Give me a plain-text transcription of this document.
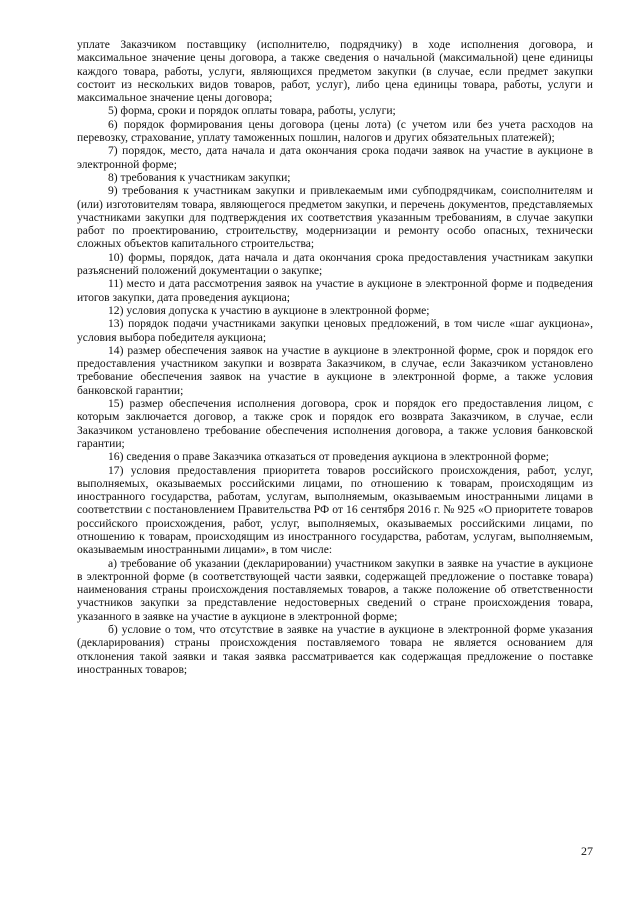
уплате Заказчиком поставщику (исполнителю, подрядчику) в ходе исполнения договора, и максимальное значение цены договора, а также сведения о начальной (максимальной) цене единицы каждого товара, работы, услуги, являющихся предметом закупки (в случае, если предмет закупки состоит из нескольких видов товаров, работ, услуг), либо цена единицы товара, работы, услуги и максимальное значение цены договора;

5) форма, сроки и порядок оплаты товара, работы, услуги;

6) порядок формирования цены договора (цены лота) (с учетом или без учета расходов на перевозку, страхование, уплату таможенных пошлин, налогов и других обязательных платежей);

7) порядок, место, дата начала и дата окончания срока подачи заявок на участие в аукционе в электронной форме;

8) требования к участникам закупки;

9) требования к участникам закупки и привлекаемым ими субподрядчикам, соисполнителям и (или) изготовителям товара, являющегося предметом закупки, и перечень документов, представляемых участниками закупки для подтверждения их соответствия указанным требованиям, в случае закупки работ по проектированию, строительству, модернизации и ремонту особо опасных, технически сложных объектов капитального строительства;

10) формы, порядок, дата начала и дата окончания срока предоставления участникам закупки разъяснений положений документации о закупке;

11) место и дата рассмотрения заявок на участие в аукционе в электронной форме и подведения итогов закупки, дата проведения аукциона;

12) условия допуска к участию в аукционе в электронной форме;

13) порядок подачи участниками закупки ценовых предложений, в том числе «шаг аукциона», условия выбора победителя аукциона;

14) размер обеспечения заявок на участие в аукционе в электронной форме, срок и порядок его предоставления участником закупки и возврата Заказчиком, в случае, если Заказчиком установлено требование обеспечения заявок на участие в аукционе в электронной форме, а также условия банковской гарантии;

15) размер обеспечения исполнения договора, срок и порядок его предоставления лицом, с которым заключается договор, а также срок и порядок его возврата Заказчиком, в случае, если Заказчиком установлено требование обеспечения исполнения договора, а также условия банковской гарантии;

16) сведения о праве Заказчика отказаться от проведения аукциона в электронной форме;

17) условия предоставления приоритета товаров российского происхождения, работ, услуг, выполняемых, оказываемых российскими лицами, по отношению к товарам, происходящим из иностранного государства, работам, услугам, выполняемым, оказываемым иностранными лицами в соответствии с постановлением Правительства РФ от 16 сентября 2016 г. № 925 «О приоритете товаров российского происхождения, работ, услуг, выполняемых, оказываемых российскими лицами, по отношению к товарам, происходящим из иностранного государства, работам, услугам, выполняемым, оказываемым иностранными лицами», в том числе:

а) требование об указании (декларировании) участником закупки в заявке на участие в аукционе в электронной форме (в соответствующей части заявки, содержащей предложение о поставке товара) наименования страны происхождения поставляемых товаров, а также положение об ответственности участников закупки за представление недостоверных сведений о стране происхождения товара, указанного в заявке на участие в аукционе в электронной форме;

б) условие о том, что отсутствие в заявке на участие в аукционе в электронной форме указания (декларирования) страны происхождения поставляемого товара не является основанием для отклонения такой заявки и такая заявка рассматривается как содержащая предложение о поставке иностранных товаров;

27
